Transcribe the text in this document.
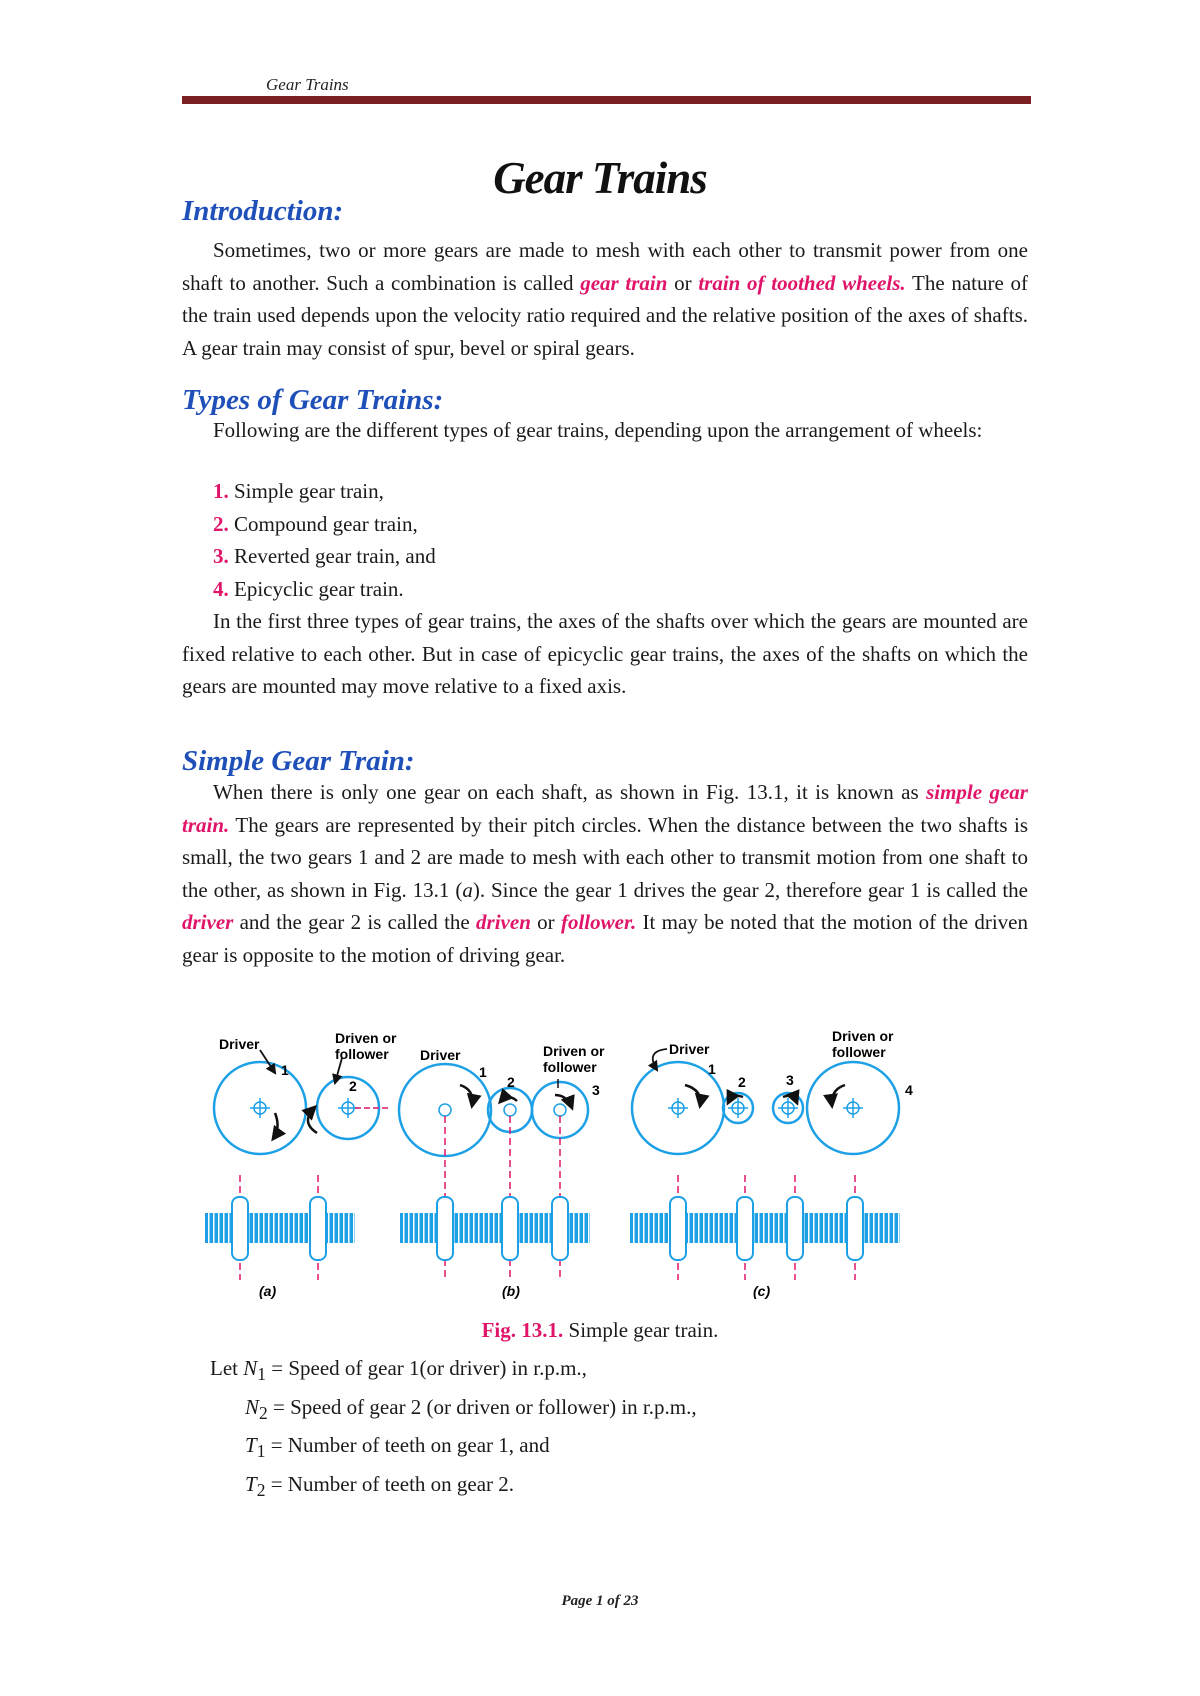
Gear Trains
Gear Trains
Introduction:

Sometimes, two or more gears are made to mesh with each other to transmit power from one shaft to another. Such a combination is called gear train or train of toothed wheels. The nature of the train used depends upon the velocity ratio required and the relative position of the axes of shafts. A gear train may consist of spur, bevel or spiral gears.

Types of Gear Trains:

Following are the different types of gear trains, depending upon the arrangement of wheels:

1. Simple gear train,
2. Compound gear train,
3. Reverted gear train, and
4. Epicyclic gear train.

In the first three types of gear trains, the axes of the shafts over which the gears are mounted are fixed relative to each other. But in case of epicyclic gear trains, the axes of the shafts on which the gears are mounted may move relative to a fixed axis.

Simple Gear Train:

When there is only one gear on each shaft, as shown in Fig. 13.1, it is known as simple gear train. The gears are represented by their pitch circles. When the distance between the two shafts is small, the two gears 1 and 2 are made to mesh with each other to transmit motion from one shaft to the other, as shown in Fig. 13.1 (a). Since the gear 1 drives the gear 2, therefore gear 1 is called the driver and the gear 2 is called the driven or follower. It may be noted that the motion of the driven gear is opposite to the motion of driving gear.

Driver	Driven or
follower
1
2
(a)
Driver	Driven or
follower
1
2	3
(b)
Driver
Driven or
follower
1
2	3
4
(c)
Fig. 13.1. Simple gear train.
Let $N_1$ = Speed of gear 1(or driver) in r.p.m.,
$N_2$ = Speed of gear 2 (or driven or follower) in r.p.m.,
$T_1$ = Number of teeth on gear 1, and
$T_2$ = Number of teeth on gear 2.
Page 1 of 23
